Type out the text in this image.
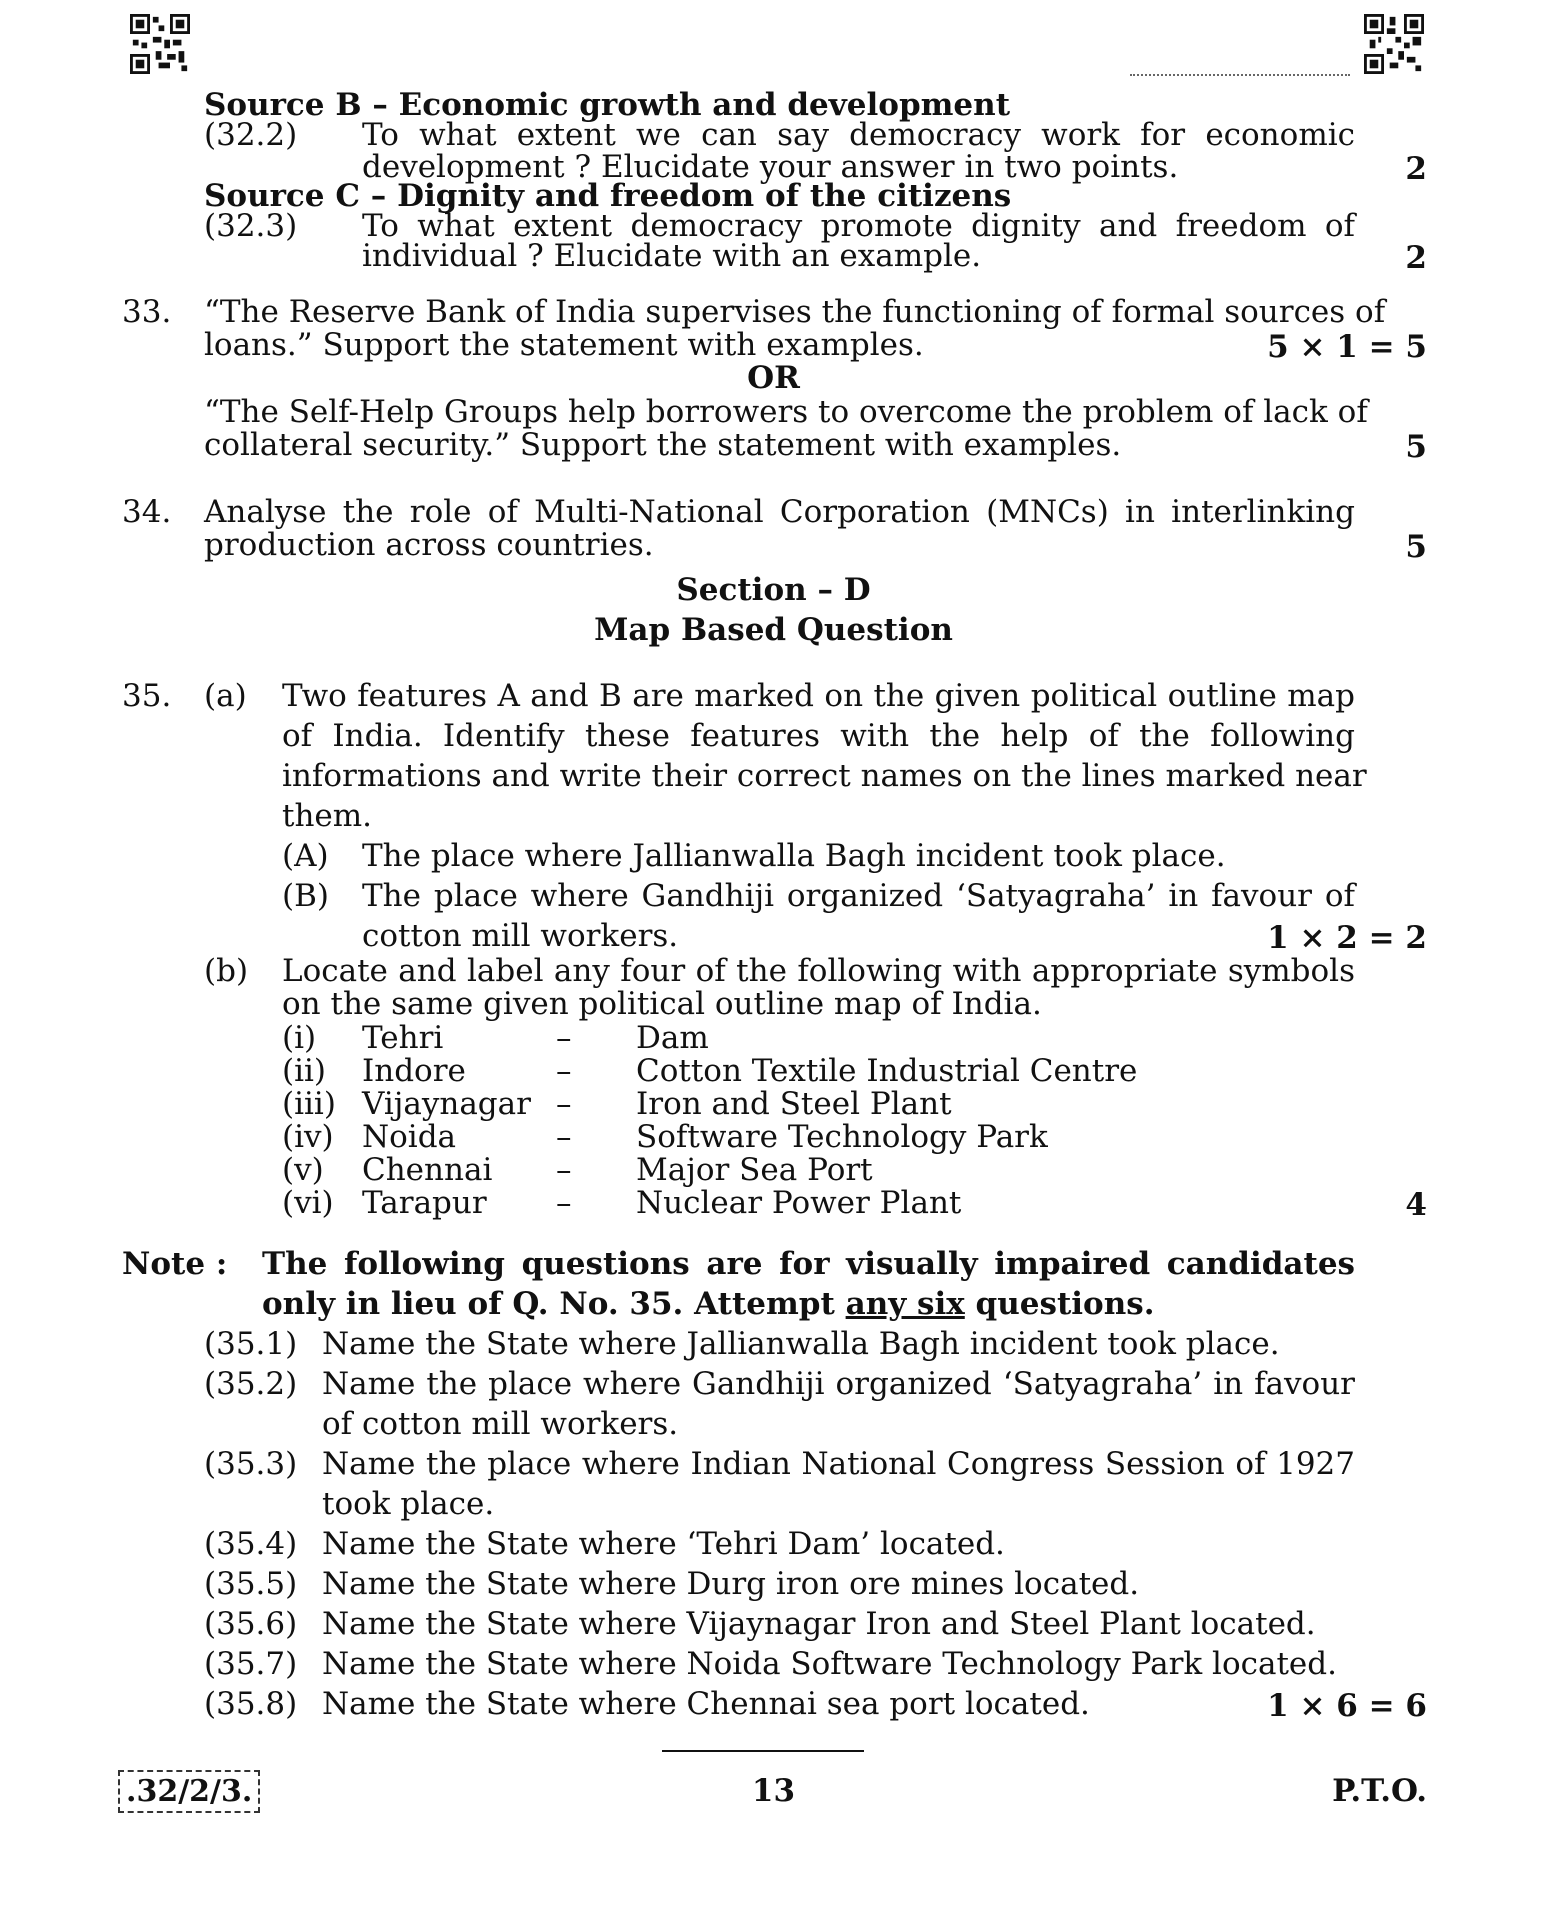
Source B – Economic growth and development
(32.2) To what extent we can say democracy work for economic
development ? Elucidate your answer in two points.	2
Source C – Dignity and freedom of the citizens
(32.3) To what extent democracy promote dignity and freedom of
individual ? Elucidate with an example.	2
33. “The Reserve Bank of India supervises the functioning of formal sources of
loans.” Support the statement with examples.	5 × 1 = 5
OR
“The Self-Help Groups help borrowers to overcome the problem of lack of
collateral security.” Support the statement with examples.	5
34. Analyse the role of Multi-National Corporation (MNCs) in interlinking
production across countries.	5
Section – D
Map Based Question
35. (a) Two features A and B are marked on the given political outline map
of India. Identify these features with the help of the following
informations and write their correct names on the lines marked near
them.
(A) The place where Jallianwalla Bagh incident took place.
(B) The place where Gandhiji organized ‘Satyagraha’ in favour of
cotton mill workers.	1 × 2 = 2
(b) Locate and label any four of the following with appropriate symbols
on the same given political outline map of India.
(i) Tehri	– Dam
(ii) Indore	– Cotton Textile Industrial Centre
(iii) Vijaynagar – Iron and Steel Plant
(iv) Noida	– Software Technology Park
(v) Chennai – Major Sea Port
(vi) Tarapur – Nuclear Power Plant	4
Note : The following questions are for visually impaired candidates
only in lieu of Q. No. 35. Attempt any six questions.
(35.1) Name the State where Jallianwalla Bagh incident took place.
(35.2) Name the place where Gandhiji organized ‘Satyagraha’ in favour
of cotton mill workers.
(35.3) Name the place where Indian National Congress Session of 1927
took place.
(35.4) Name the State where ‘Tehri Dam’ located.
(35.5) Name the State where Durg iron ore mines located.
(35.6) Name the State where Vijaynagar Iron and Steel Plant located.
(35.7) Name the State where Noida Software Technology Park located.
(35.8) Name the State where Chennai sea port located.	1 × 6 = 6
.32/2/3.	13	P.T.O.
